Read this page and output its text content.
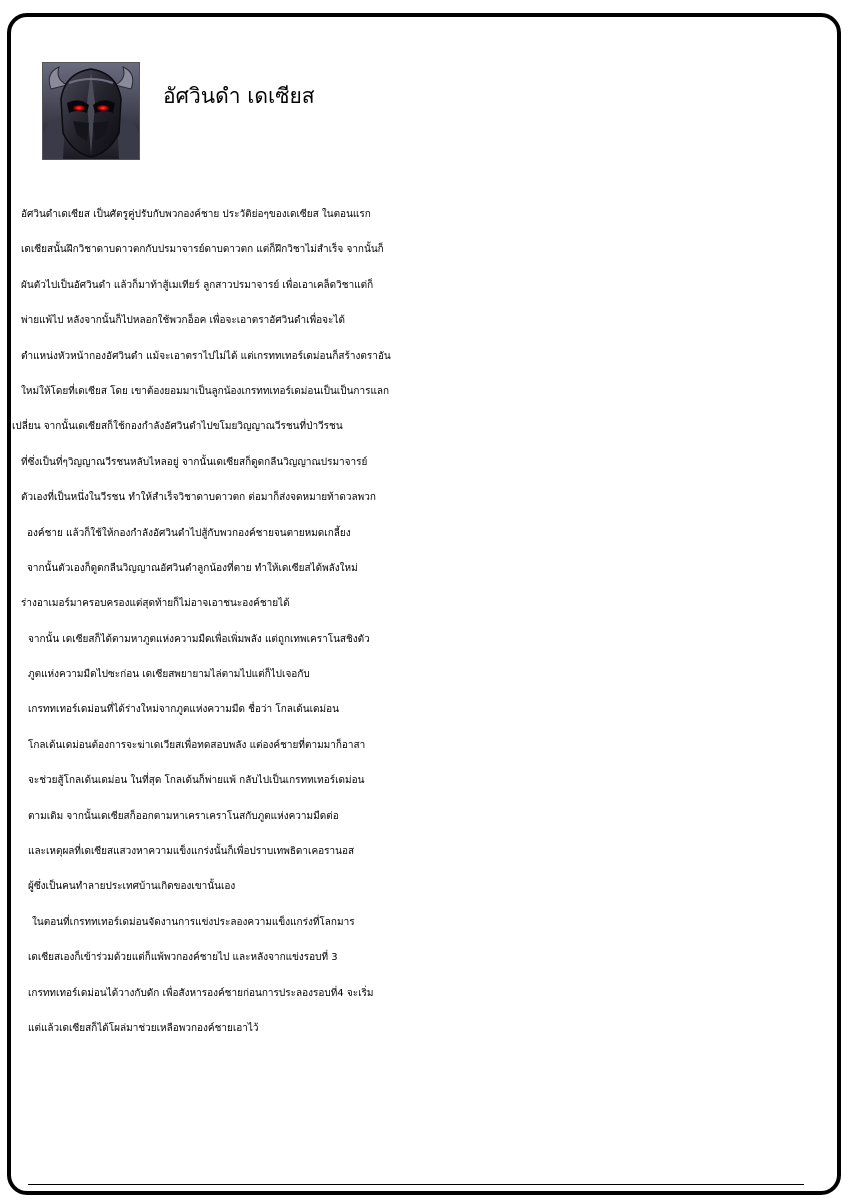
อัศวินดำ เดเซียส
อัศวินดำเดเซียส เป็นศัตรูคู่ปรับกับพวกองค์ชาย ประวัติย่อๆของเดเซียส ในตอนแรก
เดเซียสนั้นฝึกวิชาดาบดาวตกกับปรมาจารย์ดาบดาวตก แต่ก็ฝึกวิชาไม่สำเร็จ จากนั้นก็
ผันตัวไปเป็นอัศวินดำ แล้วก็มาท้าสู้เมเทียร์ ลูกสาวปรมาจารย์ เพื่อเอาเคล็ดวิชาแต่ก็
พ่ายแพ้ไป หลังจากนั้นก็ไปหลอกใช้พวกอ็อค เพื่อจะเอาตราอัศวินดำเพื่อจะได้
ตำแหน่งหัวหน้ากองอัศวินดำ แม้จะเอาตราไปไม่ได้ แต่เกรททเทอร์เดม่อนก็สร้างตราอัน
ใหม่ให้โดยที่เดเซียส โดย เขาต้องยอมมาเป็นลูกน้องเกรททเทอร์เดม่อนเป็นเป็นการแลก
เปลี่ยน จากนั้นเดเซียสก็ใช้กองกำลังอัศวินดำไปขโมยวิญญาณวีรชนที่ป่าวีรชน
ที่ซึ่งเป็นที่ๆวิญญาณวีรชนหลับไหลอยู่ จากนั้นเดเซียสก็ดูดกลืนวิญญาณปรมาจารย์
ตัวเองที่เป็นหนึ่งในวีรชน ทำให้สำเร็จวิชาดาบดาวตก ต่อมาก็ส่งจดหมายท้าดวลพวก
องค์ชาย แล้วก็ใช้ให้กองกำลังอัศวินดำไปสู้กับพวกองค์ชายจนตายหมดเกลี้ยง
จากนั้นตัวเองก็ดูดกลืนวิญญาณอัศวินดำลูกน้องที่ตาย ทำให้เดเซียสได้พลังใหม่
ร่างอาเมอร์มาครอบครองแต่สุดท้ายก็ไม่อาจเอาชนะองค์ชายได้
จากนั้น เดเซียสก็ได้ตามหาภูตแห่งความมืดเพื่อเพิ่มพลัง แต่ถูกเทพเคราโนสชิงตัว
ภูตแห่งความมืดไปซะก่อน เดเซียสพยายามไล่ตามไปแต่ก็ไปเจอกับ
เกรททเทอร์เดม่อนที่ได้ร่างใหม่จากภูตแห่งความมืด ชื่อว่า โกลเด้นเดม่อน
โกลเด้นเดม่อนต้องการจะฆ่าเดเวียสเพื่อทดสอบพลัง แต่องค์ชายที่ตามมาก็อาสา
จะช่วยสู้โกลเด้นเดม่อน ในที่สุด โกลเด้นก็พ่ายแพ้ กลับไปเป็นเกรททเทอร์เดม่อน
ตามเดิม จากนั้นเดเซียสก็ออกตามหาเคราเคราโนสกับภูตแห่งความมืดต่อ
และเหตุผลที่เดเซียสแสวงหาความแข็งแกร่งนั้นก็เพื่อปราบเทพธิดาเคอรานอส
ผู้ซึ่งเป็นคนทำลายประเทศบ้านเกิดของเขานั้นเอง
ในตอนที่เกรททเทอร์เดม่อนจัดงานการแข่งประลองความแข็งแกร่งที่โลกมาร
เดเซียสเองก็เข้าร่วมด้วยแต่ก็แพ้พวกองค์ชายไป และหลังจากแข่งรอบที่ 3
เกรททเทอร์เดม่อนได้วางกับดัก เพื่อสังหารองค์ชายก่อนการประลองรอบที่4 จะเริ่ม
แต่แล้วเดเซียสก็ได้โผล่มาช่วยเหลือพวกองค์ชายเอาไว้
